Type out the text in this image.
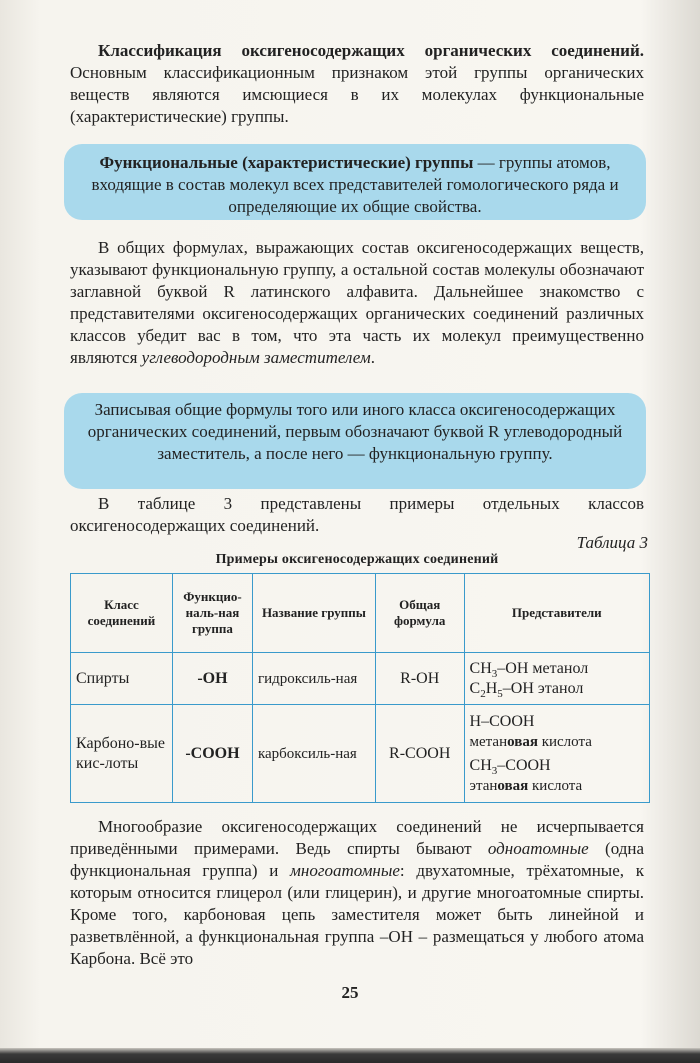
Классификация оксигеносодержащих органических соединений. Основным классификационным признаком этой группы органических веществ являются имсющиеся в их молекулах функциональные (характеристические) группы.

Функциональные (характеристические) группы — группы атомов, входящие в состав молекул всех представителей гомологического ряда и определяющие их общие свойства.

В общих формулах, выражающих состав оксигеносодержащих веществ, указывают функциональную группу, а остальной состав молекулы обозначают заглавной буквой R латинского алфавита. Дальнейшее знакомство с представителями оксигеносодержащих органических соединений различных классов убедит вас в том, что эта часть их молекул преимущественно являются углеводородным заместителем.

Записывая общие формулы того или иного класса оксигеносодержащих органических соединений, первым обозначают буквой R углеводородный заместитель, а после него — функциональную группу.

В таблице 3 представлены примеры отдельных классов оксигеносодержащих соединений.

Таблица 3
Примеры оксигеносодержащих соединений
Класс соединений	Функцио-наль-ная группа	Название группы	Общая формула	Представители
Спирты	-OH	гидроксиль-ная	R-OH	$CH_3-OH$ метанол
$C_2H_5-OH$ этанол

Карбоно-вые кис-лоты	-COOH	карбоксиль-ная	R-COOH	H–COOH
метановая кислота
$CH_3$–COOH
этановая кислота

Многообразие оксигеносодержащих соединений не исчерпывается приведёнными примерами. Ведь спирты бывают одноатомные (одна функциональная группа) и многоатомные: двухатомные, трёхатомные, к которым относится глицерол (или глицерин), и другие многоатомные спирты. Кроме того, карбоновая цепь заместителя может быть линейной и разветвлённой, а функциональная группа –OH – размещаться у любого атома Карбона. Всё это

25
